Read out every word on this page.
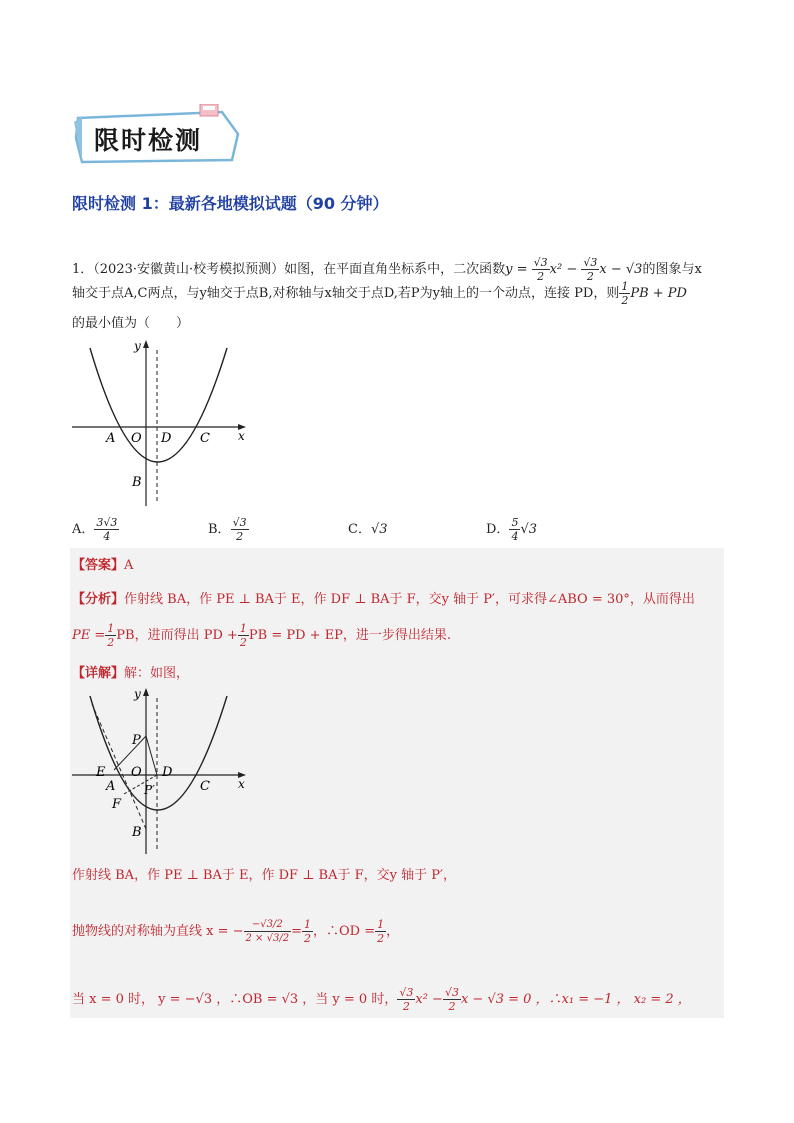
限时检测
限时检测 1：最新各地模拟试题（90 分钟）
1．（2023·安徽黄山·校考模拟预测）如图，在平面直角坐标系中，二次函数$y = \frac{√3}{2} x^2 - \frac{√3}{2}$ x − √3的图象与x
轴交于点A,C两点，与y轴交于点B,对称轴与x轴交于点D,若P为y轴上的一个动点，连接 PD，则 $\frac{1}{2}$ PB + PD
的最小值为（　　）
y
x
A O D C
B
A． $\frac{3√3}{4}$	B． $\frac{√3}{2}$	C．√3	D． $\frac{5}{4} √3$
【答案】A
【分析】作射线 BA，作 PE ⊥ BA于 E，作 DF ⊥ BA于 F，交y 轴于 P′，可求得∠ABO = 30°，从而得出
PE = $\frac{1}{2}$ PB，进而得出 PD + $\frac{1}{2}$ PB = PD + EP，进一步得出结果.
【详解】解：如图，
y
x
P
E O D
A P′
F
C
B
作射线 BA，作 PE ⊥ BA于 E，作 DF ⊥ BA于 F，交y 轴于 P′，
抛物线的对称轴为直线 x = − $\frac{-√3/2}{2 \times √3/2} = \frac{1}{2}$ ，∴OD = $\frac{1}{2}$ ，
当 x = 0 时， y = −√3 ，∴OB = √3 ，当 y = 0 时， $\frac{√3}{2} x^2 - \frac{√3}{2}$ x − √3 = 0 ，∴x₁ = −1 ， x₂ = 2 ，
